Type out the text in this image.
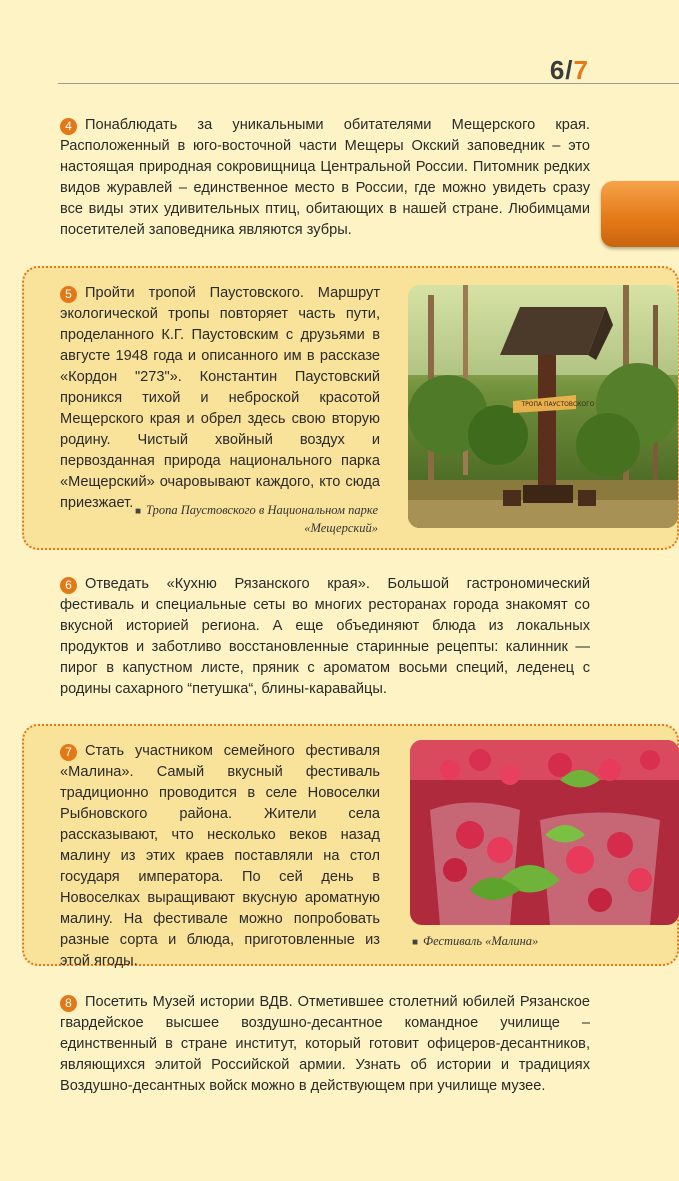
6/7
4 Понаблюдать за уникальными обитателями Мещерского края. Расположенный в юго-восточной части Мещеры Окский заповедник – это настоящая природная сокровищница Центральной России. Питомник редких видов журавлей – единственное место в России, где можно увидеть сразу все виды этих удивительных птиц, обитающих в нашей стране. Любимцами посетителей заповедника являются зубры.
5 Пройти тропой Паустовского. Маршрут экологической тропы повторяет часть пути, проделанного К.Г. Паустовским с друзьями в августе 1948 года и описанного им в рассказе «Кордон "273"». Константин Паустовский проникся тихой и неброской красотой Мещерского края и обрел здесь свою вторую родину. Чистый хвойный воздух и первозданная природа национального парка «Мещерский» очаровывают каждого, кто сюда приезжает.
ТРОПА ПАУСТОВСКОГО
■ Тропа Паустовского в Национальном парке «Мещерский»
6 Отведать «Кухню Рязанского края». Большой гастрономический фестиваль и специальные сеты во многих ресторанах города знакомят со вкусной историей региона. А еще объединяют блюда из локальных продуктов и заботливо восстановленные старинные рецепты: калинник — пирог в капустном листе, пряник с ароматом восьми специй, леденец с родины сахарного “петушка“, блины-каравайцы.
7 Стать участником семейного фестиваля «Малина». Самый вкусный фестиваль традиционно проводится в селе Новоселки Рыбновского района. Жители села рассказывают, что несколько веков назад малину из этих краев поставляли на стол государя императора. По сей день в Новоселках выращивают вкусную ароматную малину. На фестивале можно попробовать разные сорта и блюда, приготовленные из этой ягоды.
■ Фестиваль «Малина»
8 Посетить Музей истории ВДВ. Отметившее столетний юбилей Рязанское гвардейское высшее воздушно-десантное командное училище – единственный в стране институт, который готовит офицеров-десантников, являющихся элитой Российской армии. Узнать об истории и традициях Воздушно-десантных войск можно в действующем при училище музее.
